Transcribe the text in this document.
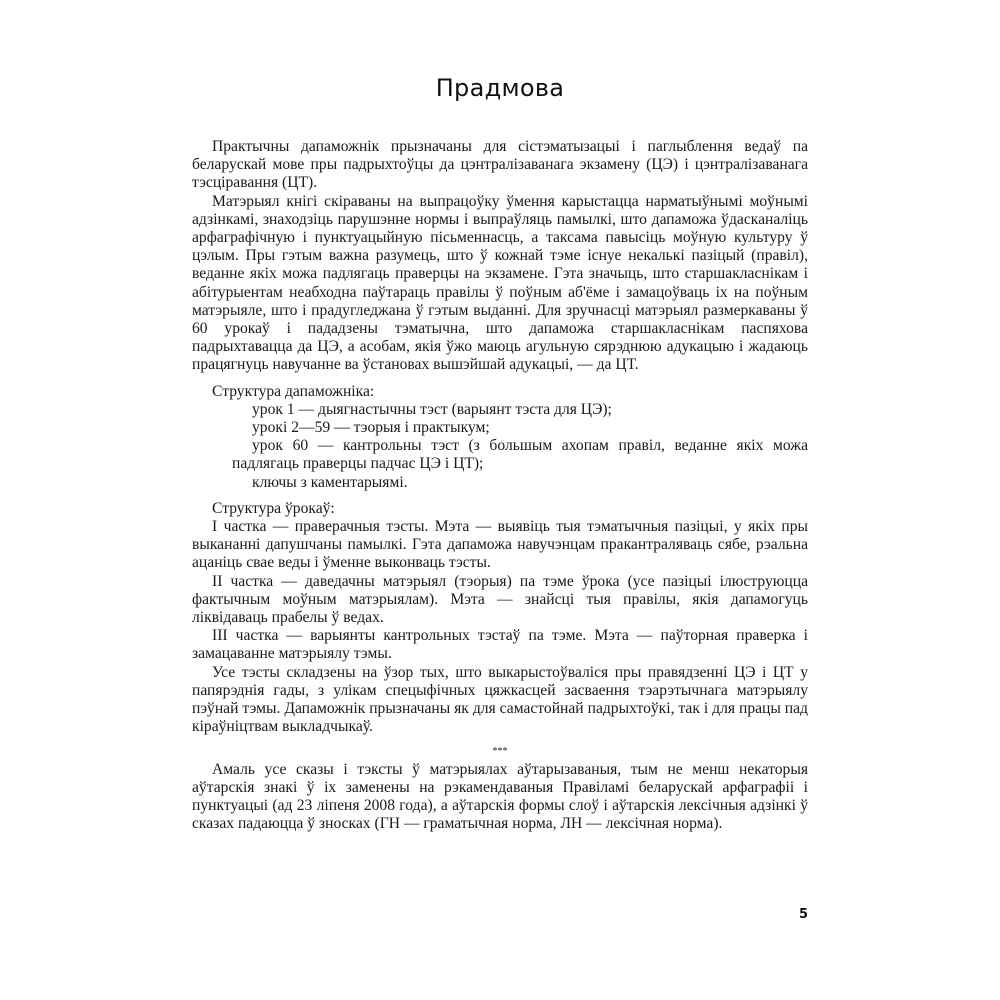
Прадмова

Практычны дапаможнік прызначаны для сістэматызацыі і паглыблення ведаў па беларускай мове пры падрыхтоўцы да цэнтралізаванага экзамену (ЦЭ) і цэнтралізаванага тэсціравання (ЦТ).

Матэрыял кнігі скіраваны на выпрацоўку ўмення карыстацца нарматыўнымі моўнымі адзінкамі, знаходзіць парушэнне нормы і выпраўляць памылкі, што дапаможа ўдасканаліць арфаграфічную і пунктуацыйную пісьменнасць, а таксама павысіць моўную культуру ў цэлым. Пры гэтым важна разумець, што ў кожнай тэме існуе некалькі пазіцый (правіл), веданне якіх можа падлягаць праверцы на экзамене. Гэта значыць, што старшакласнікам і абітурыентам неабходна паўтараць правілы ў поўным аб'ёме і замацоўваць іх на поўным матэрыяле, што і прадугледжана ў гэтым выданні. Для зручнасці матэрыял размеркаваны ў 60 урокаў і пададзены тэматычна, што дапаможа старшакласнікам паспяхова падрыхтавацца да ЦЭ, а асобам, якія ўжо маюць агульную сярэднюю адукацыю і жадаюць працягнуць навучанне ва ўстановах вышэйшай адукацыі, — да ЦТ.

Структура дапаможніка:

урок 1 — дыягнастычны тэст (варыянт тэста для ЦЭ);

урокі 2—59 — тэорыя і практыкум;

урок 60 — кантрольны тэст (з большым ахопам правіл, веданне якіх можа падлягаць праверцы падчас ЦЭ і ЦТ);

ключы з каментарыямі.

Структура ўрокаў:

I частка — праверачныя тэсты. Мэта — выявіць тыя тэматычныя пазіцыі, у якіх пры выкананні дапушчаны памылкі. Гэта дапаможа навучэнцам пракантраляваць сябе, рэальна ацаніць свае веды і ўменне выконваць тэсты.

II частка — даведачны матэрыял (тэорыя) па тэме ўрока (усе пазіцыі ілюструюцца фактычным моўным матэрыялам). Мэта — знайсці тыя правілы, якія дапамогуць ліквідаваць прабелы ў ведах.

III частка — варыянты кантрольных тэстаў па тэме. Мэта — паўторная праверка і замацаванне матэрыялу тэмы.

Усе тэсты складзены на ўзор тых, што выкарыстоўваліся пры правядзенні ЦЭ і ЦТ у папярэднія гады, з улікам спецыфічных цяжкасцей засваення тэарэтычнага матэрыялу пэўнай тэмы. Дапаможнік прызначаны як для самастойнай падрыхтоўкі, так і для працы пад кіраўніцтвам выкладчыкаў.

***

Амаль усе сказы і тэксты ў матэрыялах аўтарызаваныя, тым не менш некаторыя аўтарскія знакі ў іх заменены на рэкамендаваныя Правіламі беларускай арфаграфіі і пунктуацыі (ад 23 ліпеня 2008 года), а аўтарскія формы слоў і аўтарскія лексічныя адзінкі ў сказах падаюцца ў зносках (ГН — граматычная норма, ЛН — лексічная норма).

5
